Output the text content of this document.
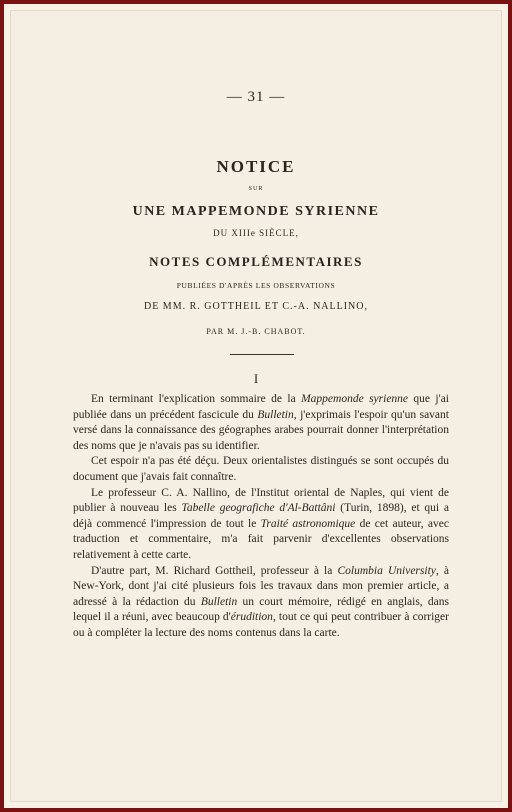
— 31 —
NOTICE
SUR
UNE MAPPEMONDE SYRIENNE
DU XIIIe SIÈCLE,
NOTES COMPLÉMENTAIRES
PUBLIÉES D'APRÈS LES OBSERVATIONS
DE MM. R. GOTTHEIL ET C.-A. NALLINO,
PAR M. J.-B. CHABOT.
I

En terminant l'explication sommaire de la Mappemonde syrienne que j'ai publiée dans un précédent fascicule du Bulletin, j'exprimais l'espoir qu'un savant versé dans la connaissance des géographes arabes pourrait donner l'interprétation des noms que je n'avais pas su identifier.

Cet espoir n'a pas été déçu. Deux orientalistes distingués se sont occupés du document que j'avais fait connaître.

Le professeur C. A. Nallino, de l'Institut oriental de Naples, qui vient de publier à nouveau les Tabelle geografiche d'Al-Battâni (Turin, 1898), et qui a déjà commencé l'impression de tout le Traité astronomique de cet auteur, avec traduction et commentaire, m'a fait parvenir d'excellentes observations relativement à cette carte.

D'autre part, M. Richard Gottheil, professeur à la Columbia University, à New-York, dont j'ai cité plusieurs fois les travaux dans mon premier article, a adressé à la rédaction du Bulletin un court mémoire, rédigé en anglais, dans lequel il a réuni, avec beaucoup d'érudition, tout ce qui peut contribuer à corriger ou à compléter la lecture des noms contenus dans la carte.
